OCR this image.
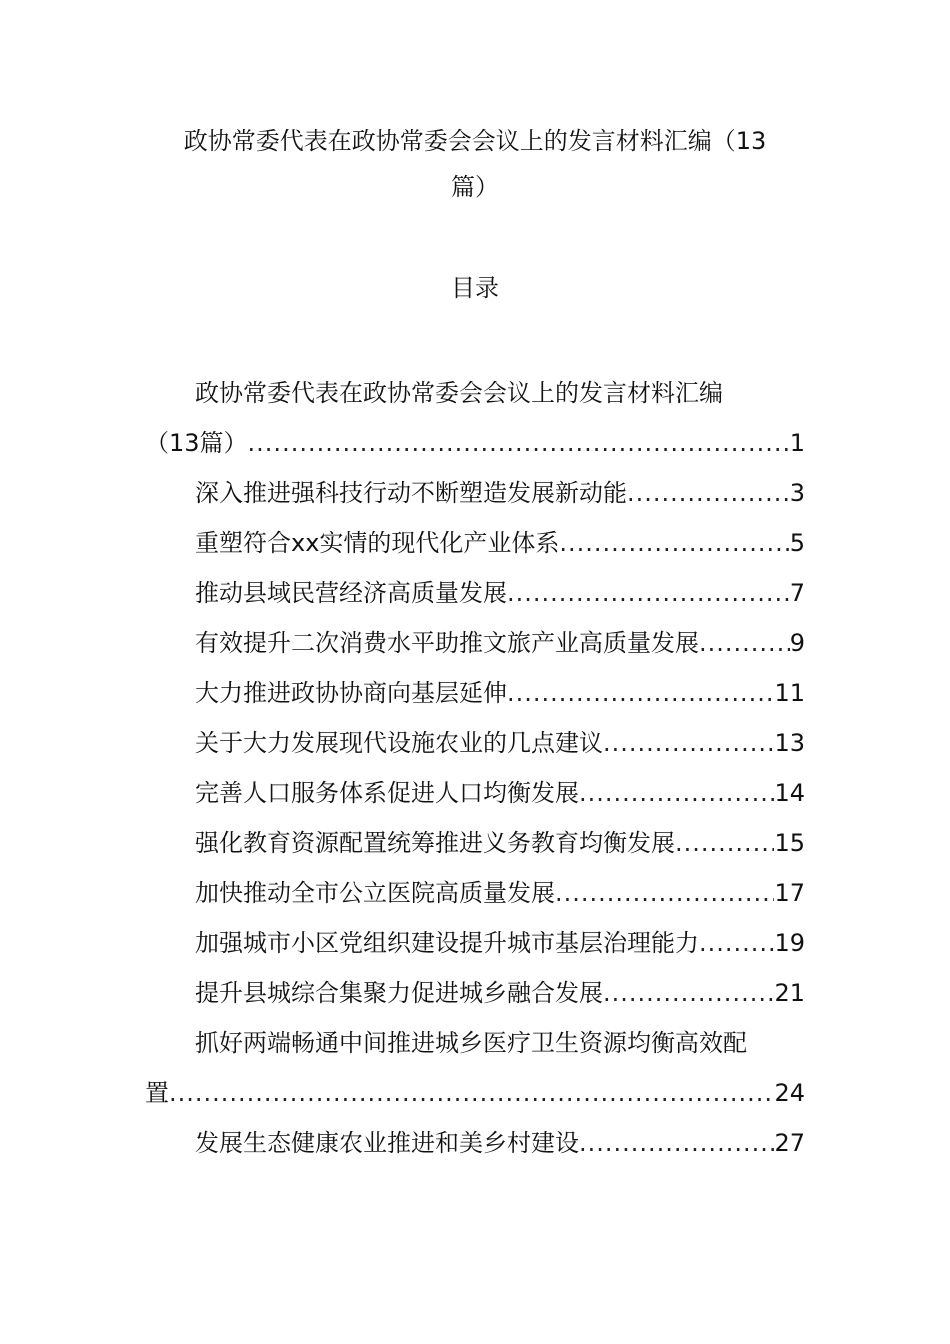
政协常委代表在政协常委会会议上的发言材料汇编（13
篇）
目录
政协常委代表在政协常委会会议上的发言材料汇编
（13篇） .....	1
深入推进强科技行动不断塑造发展新动能 .....	3
重塑符合xx实情的现代化产业体系 .....	5
推动县域民营经济高质量发展 .....	7
有效提升二次消费水平助推文旅产业高质量发展 .....	9
大力推进政协协商向基层延伸 .....	11
关于大力发展现代设施农业的几点建议 .....	13
完善人口服务体系促进人口均衡发展 .....	14
强化教育资源配置统筹推进义务教育均衡发展 .....	15
加快推动全市公立医院高质量发展 .....	17
加强城市小区党组织建设提升城市基层治理能力 .....	19
提升县城综合集聚力促进城乡融合发展 .....	21
抓好两端畅通中间推进城乡医疗卫生资源均衡高效配
置 .....	24
发展生态健康农业推进和美乡村建设 .....	27
